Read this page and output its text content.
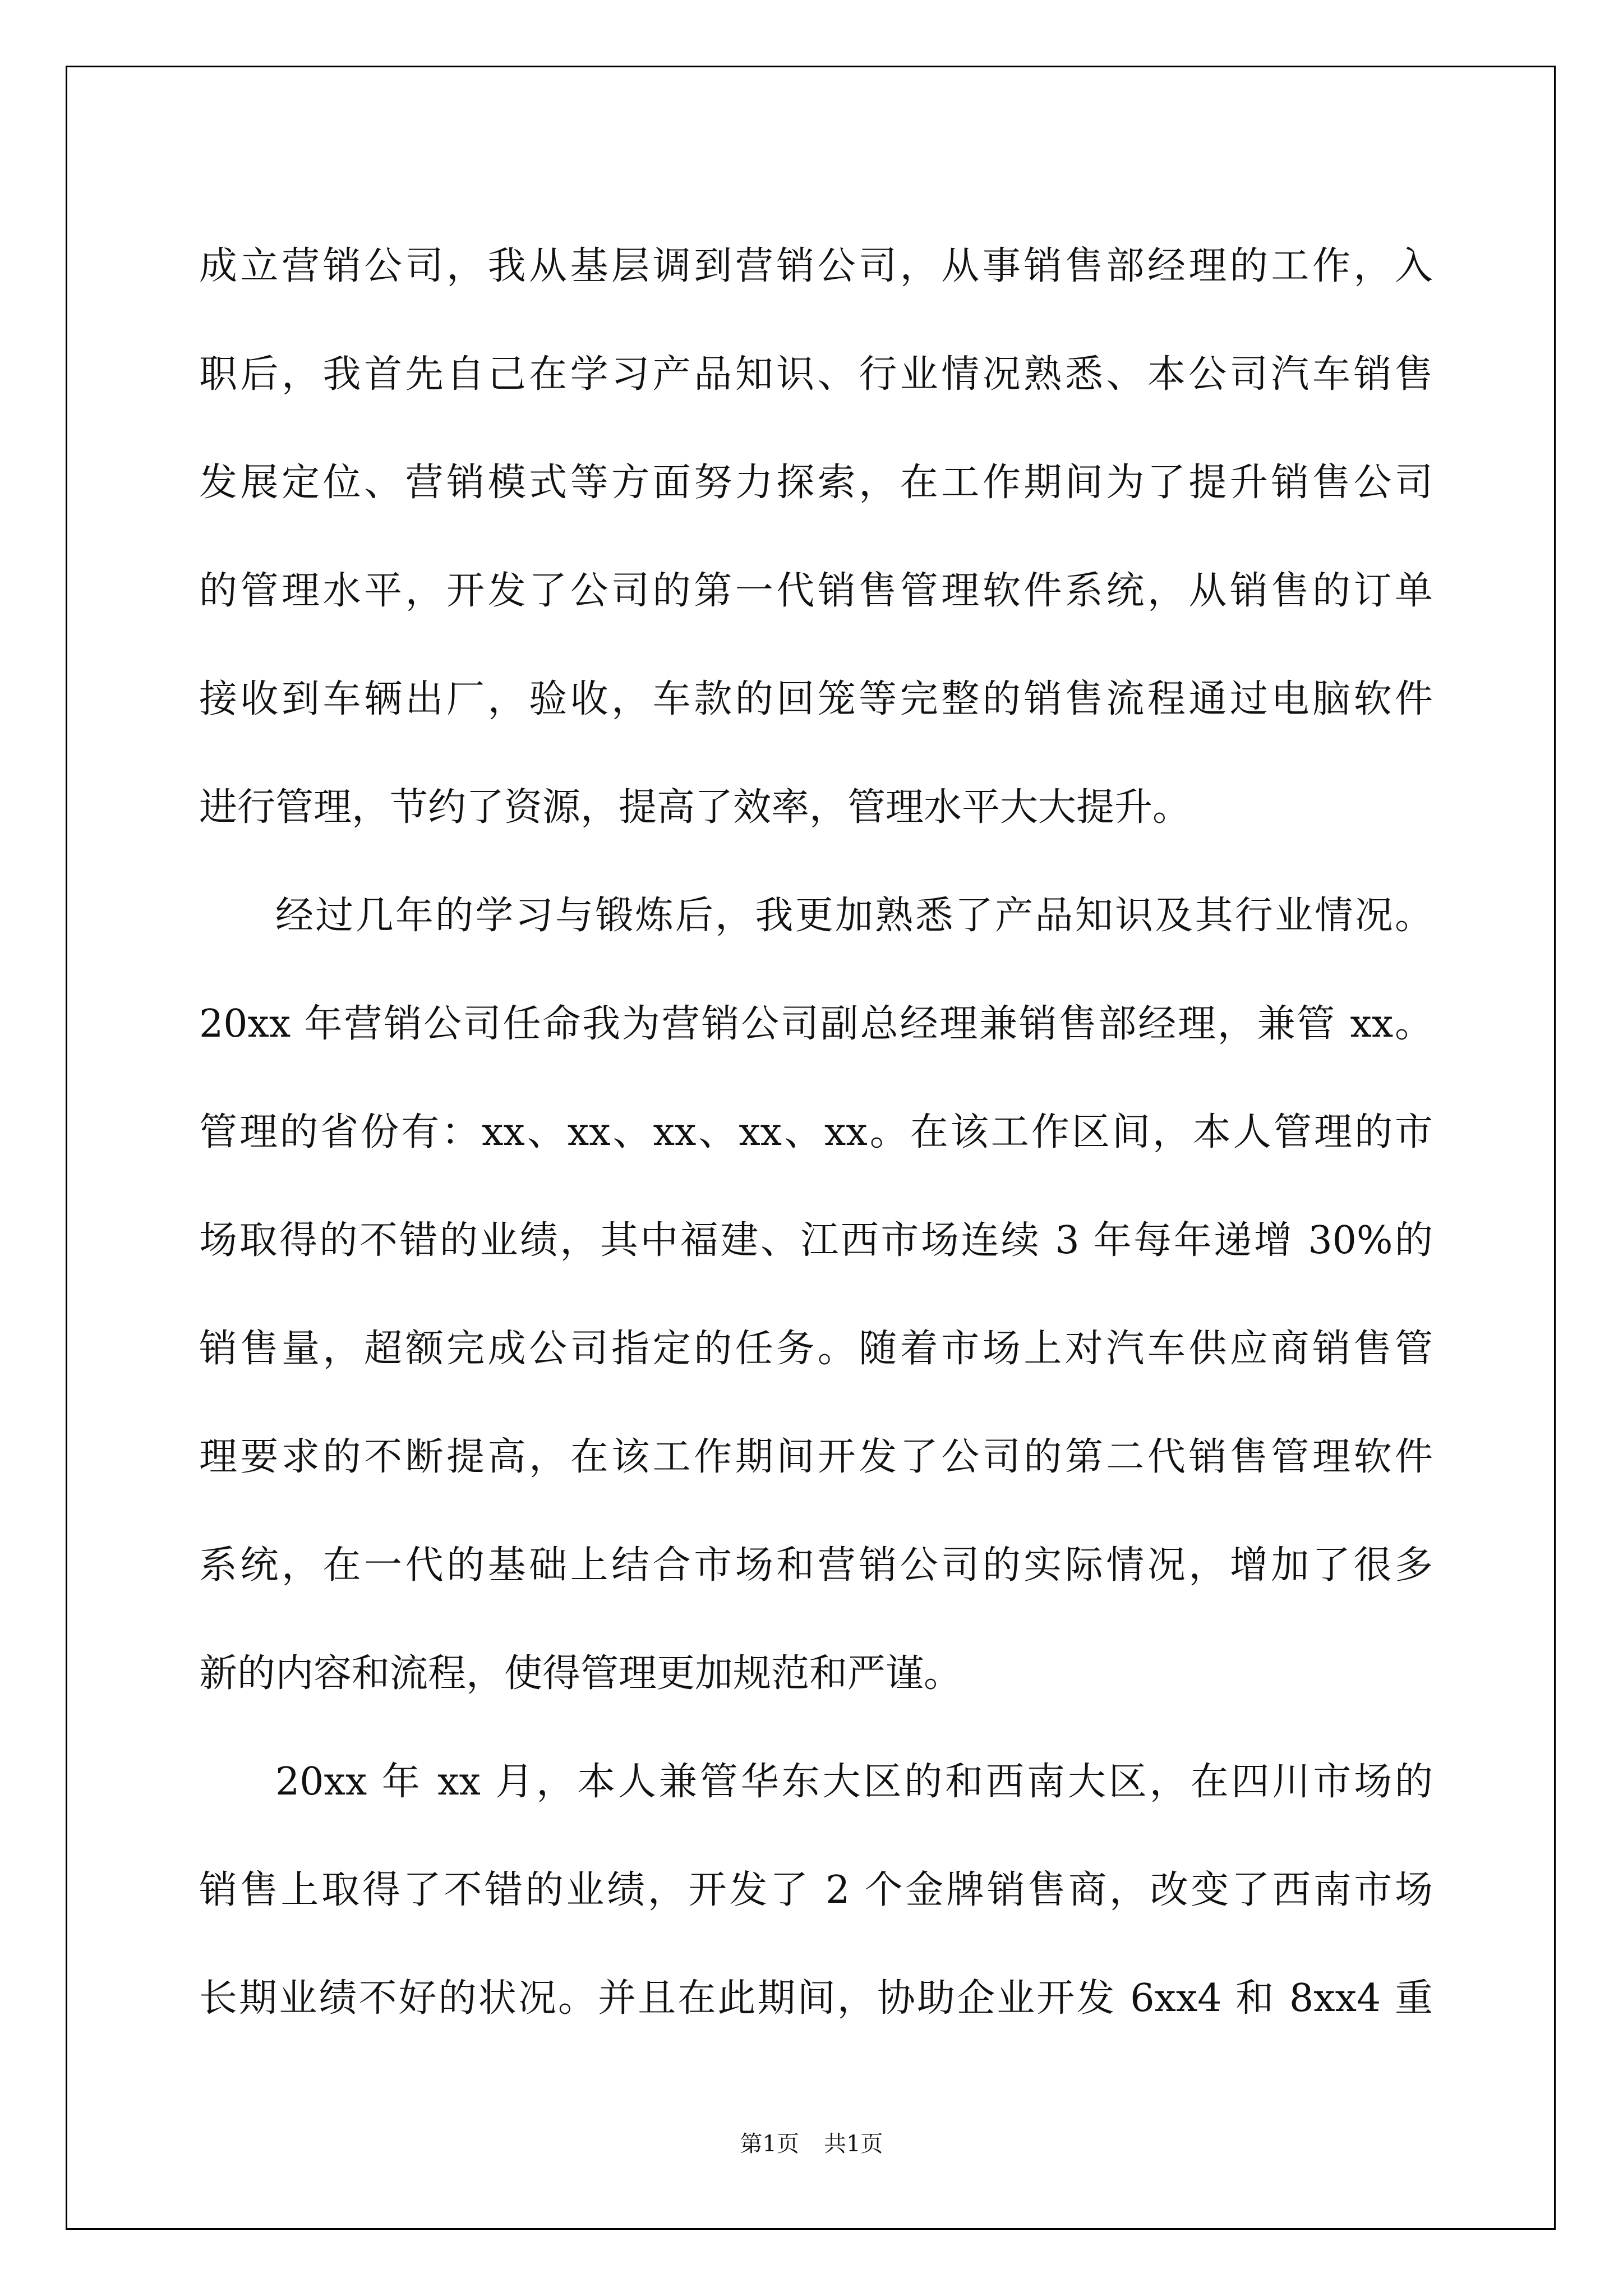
成立营销公司，我从基层调到营销公司，从事销售部经理的工作，入
职后，我首先自己在学习产品知识、行业情况熟悉、本公司汽车销售
发展定位、营销模式等方面努力探索，在工作期间为了提升销售公司
的管理水平，开发了公司的第一代销售管理软件系统，从销售的订单
接收到车辆出厂，验收，车款的回笼等完整的销售流程通过电脑软件
进行管理，节约了资源，提高了效率，管理水平大大提升。
经过几年的学习与锻炼后，我更加熟悉了产品知识及其行业情况。
20xx 年营销公司任命我为营销公司副总经理兼销售部经理，兼管 xx。
管理的省份有：xx、xx、xx、xx、xx。在该工作区间，本人管理的市
场取得的不错的业绩，其中福建、江西市场连续 3 年每年递增 30%的
销售量，超额完成公司指定的任务。随着市场上对汽车供应商销售管
理要求的不断提高，在该工作期间开发了公司的第二代销售管理软件
系统，在一代的基础上结合市场和营销公司的实际情况，增加了很多
新的内容和流程，使得管理更加规范和严谨。
20xx 年 xx 月，本人兼管华东大区的和西南大区，在四川市场的
销售上取得了不错的业绩，开发了 2 个金牌销售商，改变了西南市场
长期业绩不好的状况。并且在此期间，协助企业开发 6xx4 和 8xx4 重
第1页 共1页
